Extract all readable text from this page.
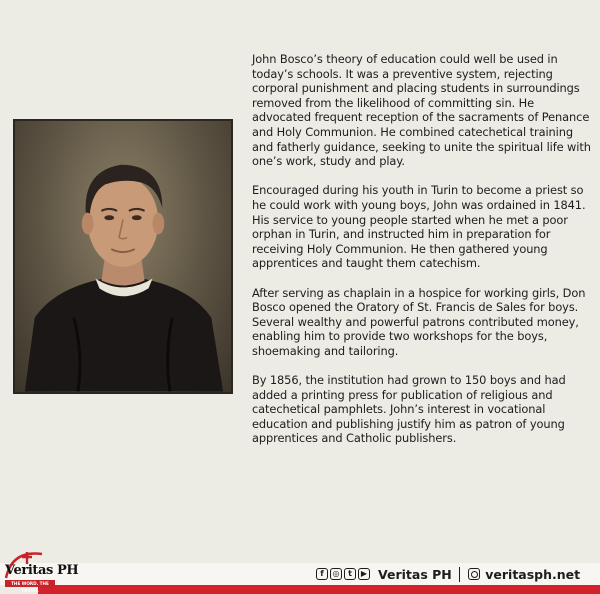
John Bosco’s theory of education could well be used in today’s schools. It was a preventive system, rejecting corporal punishment and placing students in surroundings removed from the likelihood of committing sin. He advocated frequent reception of the sacraments of Penance and Holy Communion. He combined catechetical training and fatherly guidance, seeking to unite the spiritual life with one’s work, study and play.

Encouraged during his youth in Turin to become a priest so he could work with young boys, John was ordained in 1841. His service to young people started when he met a poor orphan in Turin, and instructed him in preparation for receiving Holy Communion. He then gathered young apprentices and taught them catechism.

After serving as chaplain in a hospice for working girls, Don Bosco opened the Oratory of St. Francis de Sales for boys. Several wealthy and powerful patrons contributed money, enabling him to provide two workshops for the boys, shoemaking and tailoring.

By 1856, the institution had grown to 150 boys and had added a printing press for publication of religious and catechetical pamphlets. John’s interest in vocational education and publishing justify him as patron of young apprentices and Catholic publishers.

Veritas PH
THE WORD. THE TRUTH.
f	◎	t	▶ Veritas PH	veritasph.net
